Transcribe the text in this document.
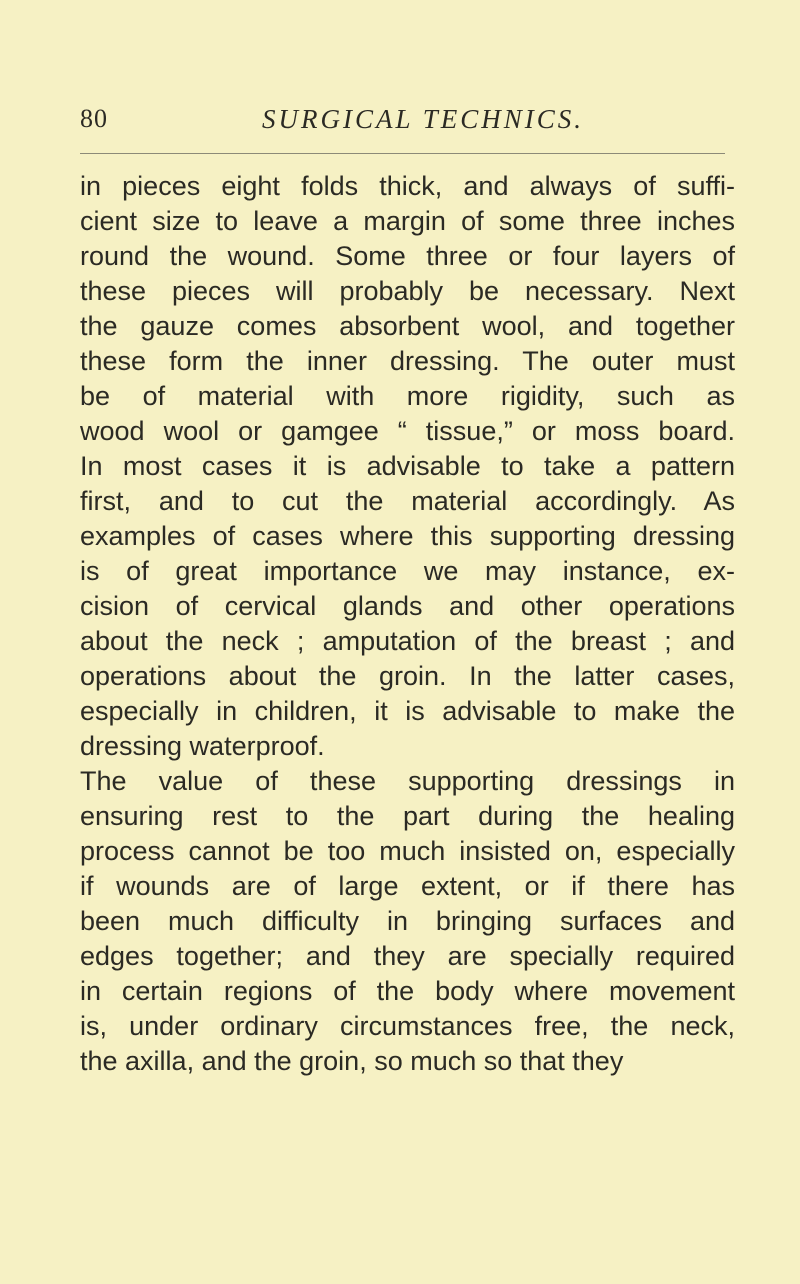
80	SURGICAL TECHNICS.
in pieces eight folds thick, and always of suffi-
cient size to leave a margin of some three inches
round the wound. Some three or four layers of
these pieces will probably be necessary. Next
the gauze comes absorbent wool, and together
these form the inner dressing. The outer must
be of material with more rigidity, such as
wood wool or gamgee “ tissue,” or moss board.
In most cases it is advisable to take a pattern
first, and to cut the material accordingly. As
examples of cases where this supporting dressing
is of great importance we may instance, ex-
cision of cervical glands and other operations
about the neck ; amputation of the breast ; and
operations about the groin. In the latter cases,
especially in children, it is advisable to make the
dressing waterproof.
The value of these supporting dressings in
ensuring rest to the part during the healing
process cannot be too much insisted on, especially
if wounds are of large extent, or if there has
been much difficulty in bringing surfaces and
edges together; and they are specially required
in certain regions of the body where movement
is, under ordinary circumstances free, the neck,
the axilla, and the groin, so much so that they
